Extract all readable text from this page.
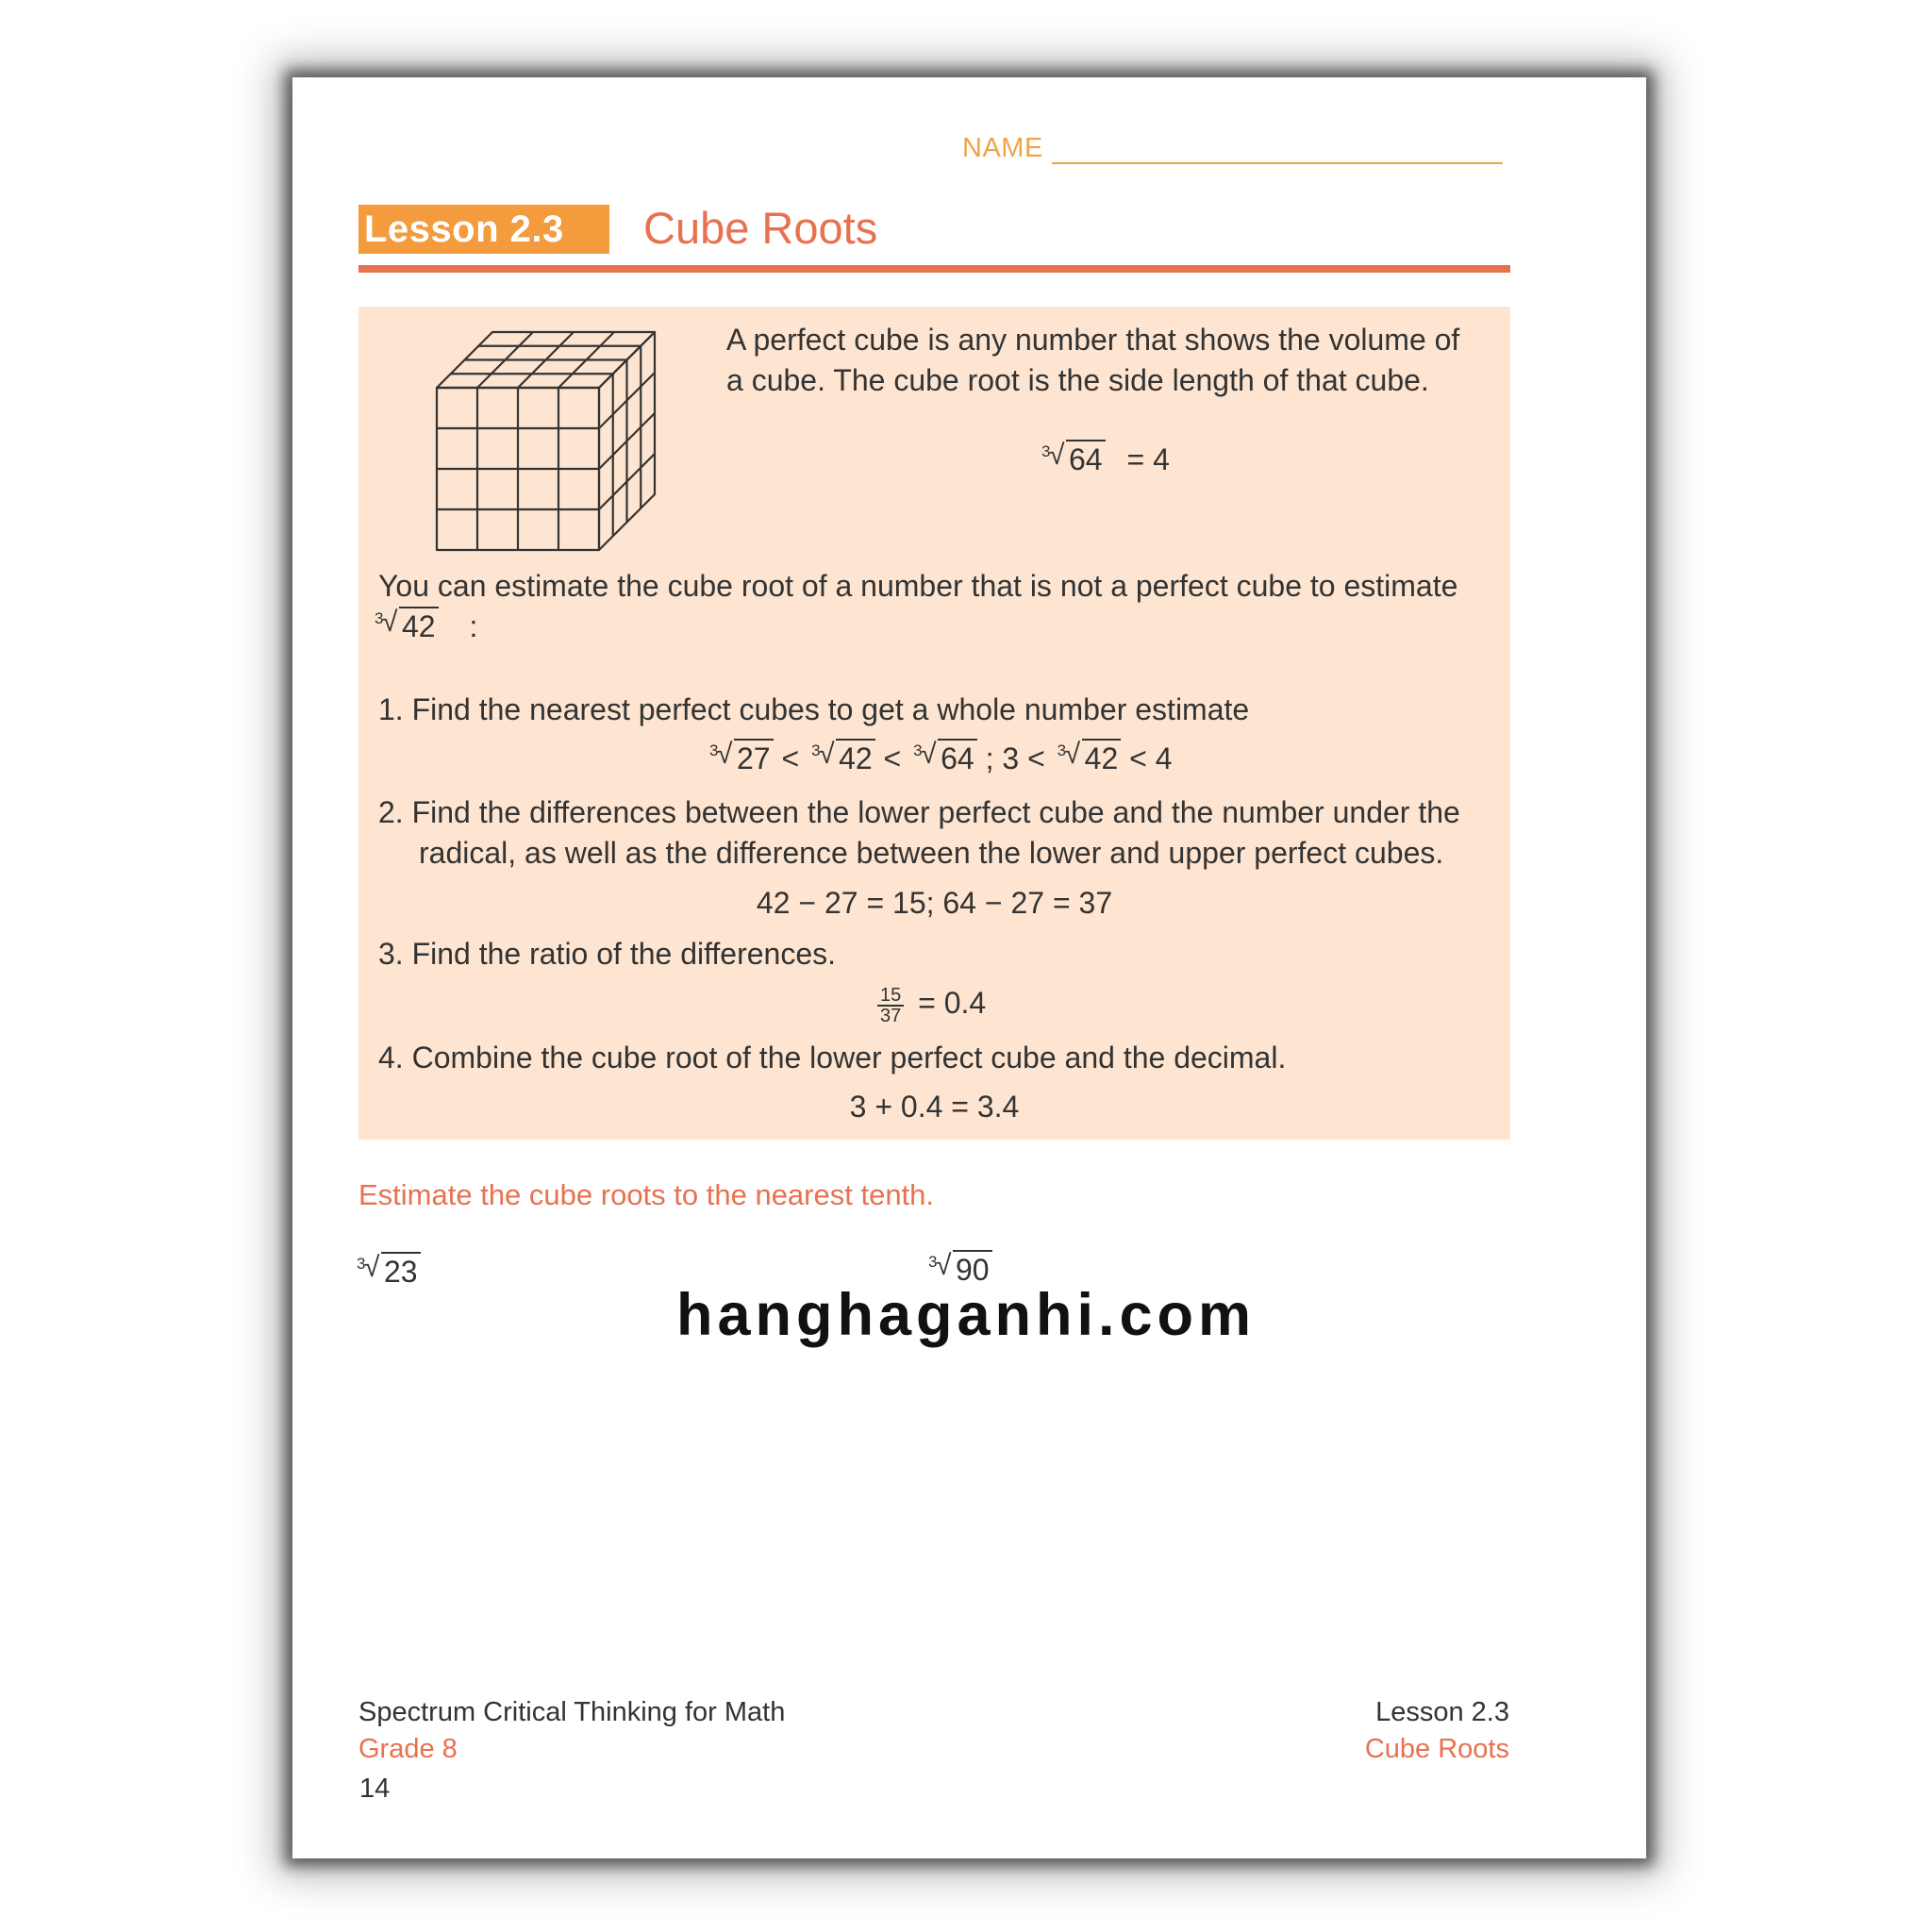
NAME
Lesson 2.3	Cube Roots
A perfect cube is any number that shows the volume of
a cube. The cube root is the side length of that cube.
3
√ 64 = 4
You can estimate the cube root of a number that is not a perfect cube to estimate
3
√ 42 :
1. Find the nearest perfect cubes to get a whole number estimate
3
√ 27 < 3
√ 42 < 3
√ 64 ; 3 < 3
√ 42 < 4
2. Find the differences between the lower perfect cube and the number under the
radical, as well as the difference between the lower and upper perfect cubes.
42 − 27 = 15; 64 − 27 = 37
3. Find the ratio of the differences.
$\frac{15}{37} = 0.4$
4. Combine the cube root of the lower perfect cube and the decimal.
3 + 0.4 = 3.4
Estimate the cube roots to the nearest tenth.
3
√ 23	3
√ 90
hanghaganhi.com
Spectrum Critical Thinking for Math
Grade 8
14
Lesson 2.3
Cube Roots
